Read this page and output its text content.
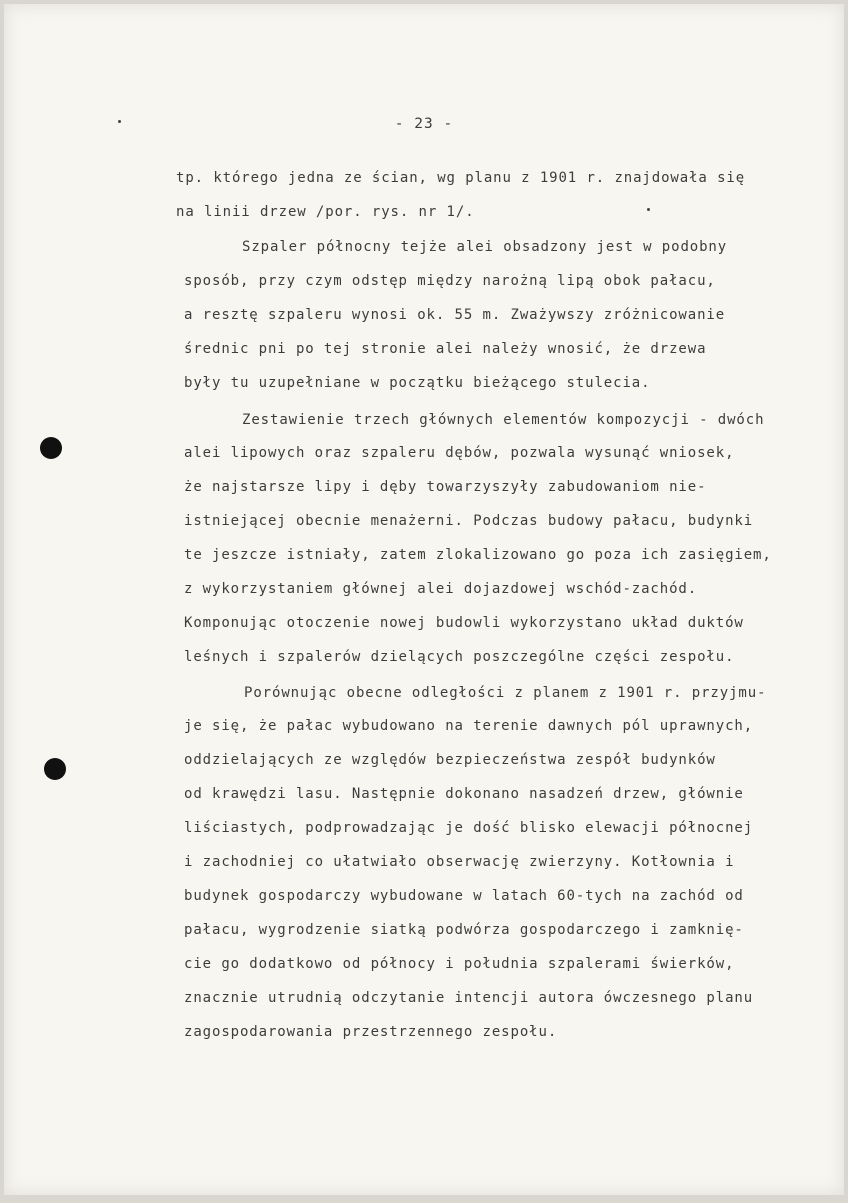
- 23 -
tp. którego jedna ze ścian, wg planu z 1901 r. znajdowała się
na linii drzew /por. rys. nr 1/.
Szpaler północny tejże alei obsadzony jest w podobny
sposób, przy czym odstęp między narożną lipą obok pałacu,
a resztę szpaleru wynosi ok. 55 m. Zważywszy zróżnicowanie
średnic pni po tej stronie alei należy wnosić, że drzewa
były tu uzupełniane w początku bieżącego stulecia.
Zestawienie trzech głównych elementów kompozycji - dwóch
alei lipowych oraz szpaleru dębów, pozwala wysunąć wniosek,
że najstarsze lipy i dęby towarzyszyły zabudowaniom nie-
istniejącej obecnie menażerni. Podczas budowy pałacu, budynki
te jeszcze istniały, zatem zlokalizowano go poza ich zasięgiem,
z wykorzystaniem głównej alei dojazdowej wschód-zachód.
Komponując otoczenie nowej budowli wykorzystano układ duktów
leśnych i szpalerów dzielących poszczególne części zespołu.
Porównując obecne odległości z planem z 1901 r. przyjmu-
je się, że pałac wybudowano na terenie dawnych pól uprawnych,
oddzielających ze względów bezpieczeństwa zespół budynków
od krawędzi lasu. Następnie dokonano nasadzeń drzew, głównie
liściastych, podprowadzając je dość blisko elewacji północnej
i zachodniej co ułatwiało obserwację zwierzyny. Kotłownia i
budynek gospodarczy wybudowane w latach 60-tych na zachód od
pałacu, wygrodzenie siatką podwórza gospodarczego i zamknię-
cie go dodatkowo od północy i południa szpalerami świerków,
znacznie utrudnią odczytanie intencji autora ówczesnego planu
zagospodarowania przestrzennego zespołu.
